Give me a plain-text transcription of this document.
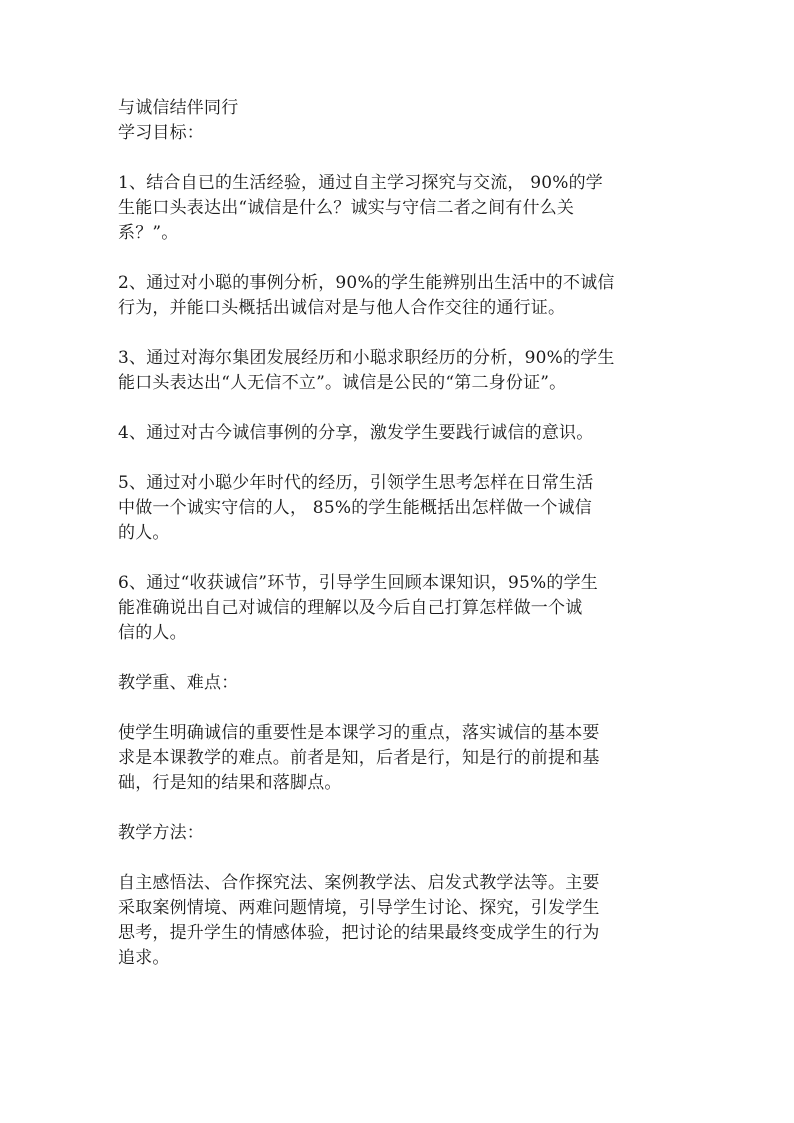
与诚信结伴同行
学习目标：

1、结合自已的生活经验，通过自主学习探究与交流， 90%的学
生能口头表达出“诚信是什么？诚实与守信二者之间有什么关
系？”。

2、通过对小聪的事例分析，90%的学生能辨别出生活中的不诚信
行为，并能口头概括出诚信对是与他人合作交往的通行证。

3、通过对海尔集团发展经历和小聪求职经历的分析，90%的学生
能口头表达出“人无信不立”。诚信是公民的“第二身份证”。

4、通过对古今诚信事例的分享，激发学生要践行诚信的意识。

5、通过对小聪少年时代的经历，引领学生思考怎样在日常生活
中做一个诚实守信的人， 85%的学生能概括出怎样做一个诚信
的人。

6、通过“收获诚信”环节，引导学生回顾本课知识，95%的学生
能准确说出自己对诚信的理解以及今后自己打算怎样做一个诚
信的人。

教学重、难点：

使学生明确诚信的重要性是本课学习的重点，落实诚信的基本要
求是本课教学的难点。前者是知，后者是行，知是行的前提和基
础，行是知的结果和落脚点。

教学方法：

自主感悟法、合作探究法、案例教学法、启发式教学法等。主要
采取案例情境、两难问题情境，引导学生讨论、探究，引发学生
思考，提升学生的情感体验，把讨论的结果最终变成学生的行为
追求。
